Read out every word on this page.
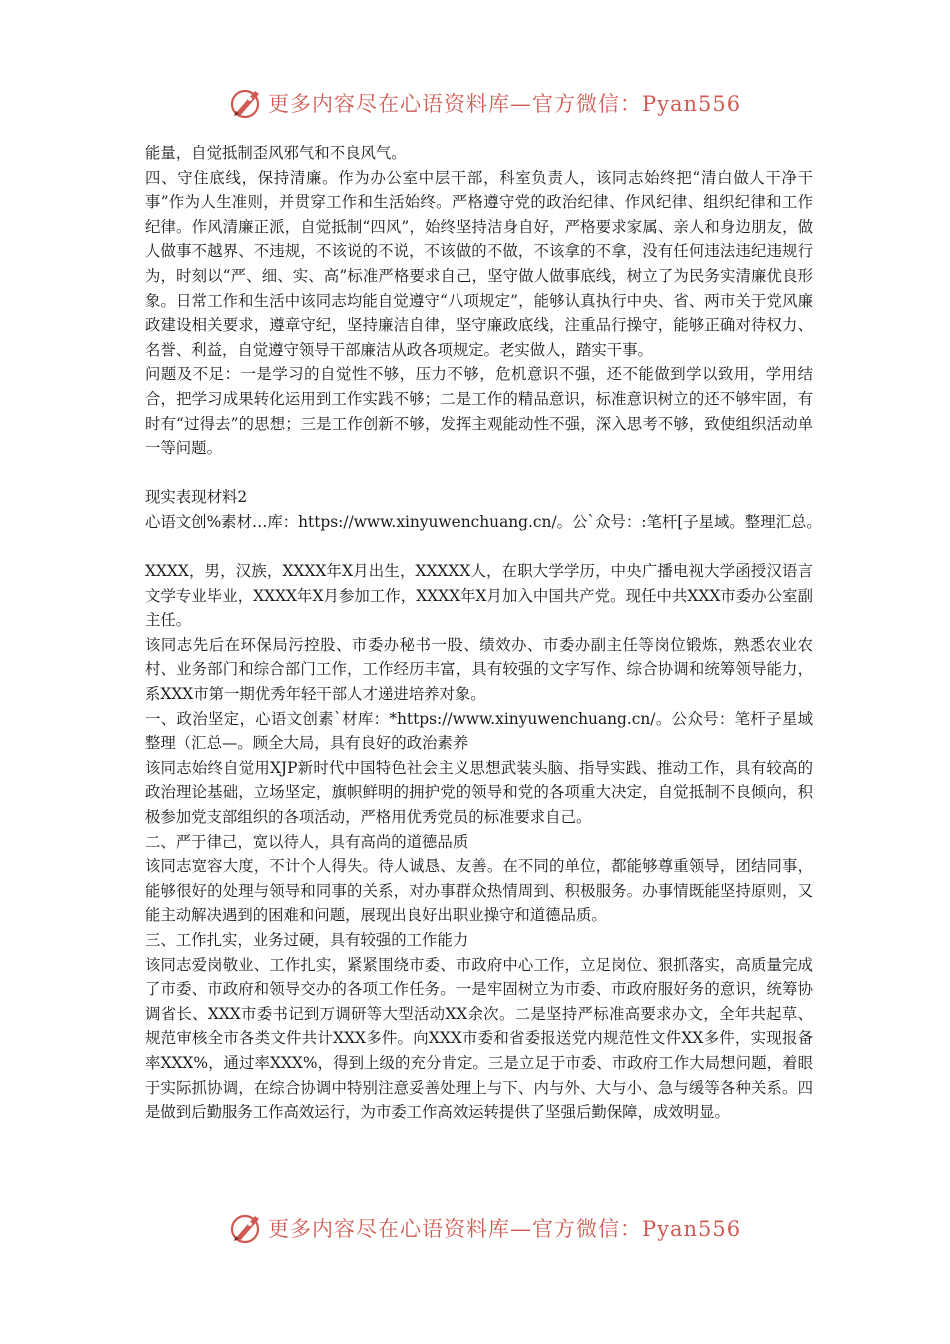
更多内容尽在心语资料库—官方微信：Pyan556

能量，自觉抵制歪风邪气和不良风气。

四、守住底线，保持清廉。作为办公室中层干部，科室负责人，该同志始终把“清白做人干净干事”作为人生准则，并贯穿工作和生活始终。严格遵守党的政治纪律、作风纪律、组织纪律和工作纪律。作风清廉正派，自觉抵制“四风”，始终坚持洁身自好，严格要求家属、亲人和身边朋友，做人做事不越界、不违规，不该说的不说，不该做的不做，不该拿的不拿，没有任何违法违纪违规行为，时刻以“严、细、实、高”标准严格要求自己，坚守做人做事底线，树立了为民务实清廉优良形象。日常工作和生活中该同志均能自觉遵守“八项规定”，能够认真执行中央、省、两市关于党风廉政建设相关要求，遵章守纪，坚持廉洁自律，坚守廉政底线，注重品行操守，能够正确对待权力、名誉、利益，自觉遵守领导干部廉洁从政各项规定。老实做人，踏实干事。

问题及不足：一是学习的自觉性不够，压力不够，危机意识不强，还不能做到学以致用，学用结合，把学习成果转化运用到工作实践不够；二是工作的精品意识，标准意识树立的还不够牢固，有时有“过得去”的思想；三是工作创新不够，发挥主观能动性不强，深入思考不够，致使组织活动单一等问题。

现实表现材料2

心语文创%素材…库：https://www.xinyuwenchuang.cn/。公`众号：:笔杆[子星域。整理汇总。

XXXX，男，汉族，XXXX年X月出生，XXXXX人，在职大学学历，中央广播电视大学函授汉语言文学专业毕业，XXXX年X月参加工作，XXXX年X月加入中国共产党。现任中共XXX市委办公室副主任。

该同志先后在环保局污控股、市委办秘书一股、绩效办、市委办副主任等岗位锻炼，熟悉农业农村、业务部门和综合部门工作，工作经历丰富，具有较强的文字写作、综合协调和统筹领导能力，系XXX市第一期优秀年轻干部人才递进培养对象。

一、政治坚定，心语文创素`材库：*https://www.xinyuwenchuang.cn/。公众号：笔杆子星域整理（汇总—。顾全大局，具有良好的政治素养

该同志始终自觉用XJP新时代中国特色社会主义思想武装头脑、指导实践、推动工作，具有较高的政治理论基础，立场坚定，旗帜鲜明的拥护党的领导和党的各项重大决定，自觉抵制不良倾向，积极参加党支部组织的各项活动，严格用优秀党员的标准要求自己。

二、严于律己，宽以待人，具有高尚的道德品质

该同志宽容大度，不计个人得失。待人诚恳、友善。在不同的单位，都能够尊重领导，团结同事，能够很好的处理与领导和同事的关系，对办事群众热情周到、积极服务。办事情既能坚持原则，又能主动解决遇到的困难和问题，展现出良好出职业操守和道德品质。

三、工作扎实，业务过硬，具有较强的工作能力

该同志爱岗敬业、工作扎实，紧紧围绕市委、市政府中心工作，立足岗位、狠抓落实，高质量完成了市委、市政府和领导交办的各项工作任务。一是牢固树立为市委、市政府服好务的意识，统筹协调省长、XXX市委书记到万调研等大型活动XX余次。二是坚持严标准高要求办文，全年共起草、规范审核全市各类文件共计XXX多件。向XXX市委和省委报送党内规范性文件XX多件，实现报备率XXX%，通过率XXX%，得到上级的充分肯定。三是立足于市委、市政府工作大局想问题，着眼于实际抓协调，在综合协调中特别注意妥善处理上与下、内与外、大与小、急与缓等各种关系。四是做到后勤服务工作高效运行，为市委工作高效运转提供了坚强后勤保障，成效明显。

更多内容尽在心语资料库—官方微信：Pyan556
